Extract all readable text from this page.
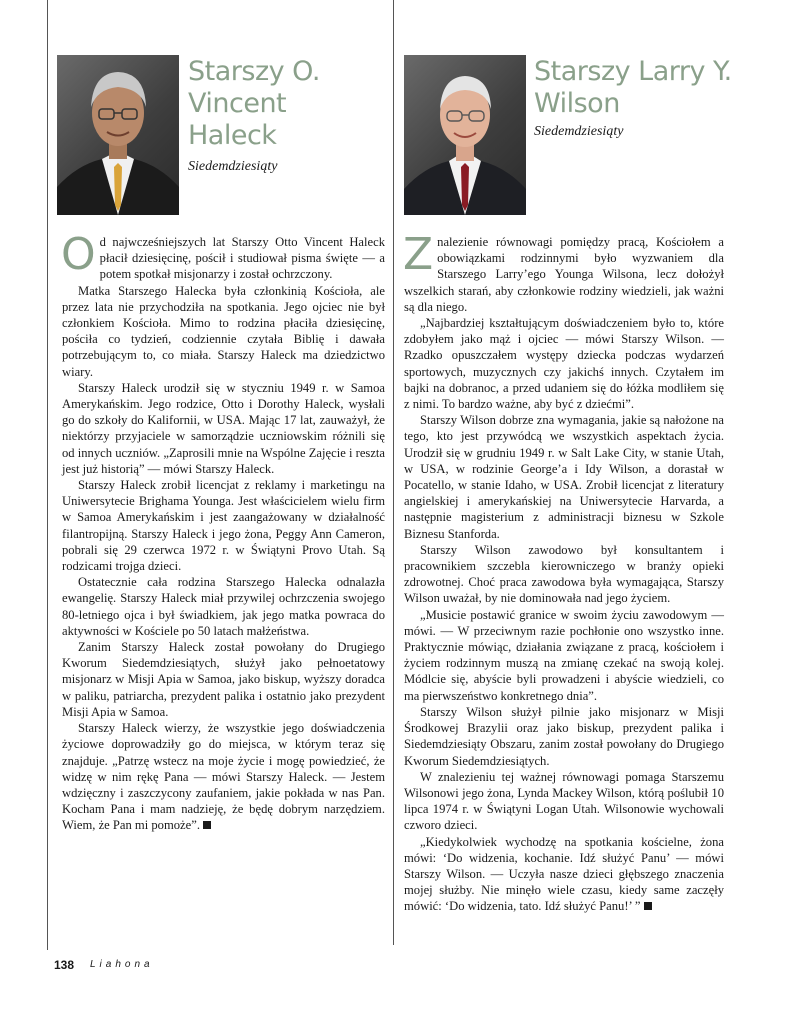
Starszy O. Vincent Haleck

Siedemdziesiąty

Starszy Larry Y. Wilson

Siedemdziesiąty

Od najwcześniejszych lat Starszy Otto Vincent Haleck płacił dziesięcinę, pościł i studiował pisma święte — a potem spotkał misjonarzy i został ochrzczony.

Matka Starszego Halecka była członkinią Kościoła, ale przez lata nie przychodziła na spotkania. Jego ojciec nie był członkiem Kościoła. Mimo to rodzina płaciła dziesięcinę, pościła co tydzień, codziennie czytała Biblię i dawała potrzebującym to, co miała. Starszy Haleck ma dziedzictwo wiary.

Starszy Haleck urodził się w styczniu 1949 r. w Samoa Amerykańskim. Jego rodzice, Otto i Dorothy Haleck, wysłali go do szkoły do Kalifornii, w USA. Mając 17 lat, zauważył, że niektórzy przyjaciele w samorządzie uczniowskim różnili się od innych uczniów. „Zaprosili mnie na Wspólne Zajęcie i reszta jest już historią” — mówi Starszy Haleck.

Starszy Haleck zrobił licencjat z reklamy i marketingu na Uniwersytecie Brighama Younga. Jest właścicielem wielu firm w Samoa Amerykańskim i jest zaangażowany w działalność filantropijną. Starszy Haleck i jego żona, Peggy Ann Cameron, pobrali się 29 czerwca 1972 r. w Świątyni Provo Utah. Są rodzicami trojga dzieci.

Ostatecznie cała rodzina Starszego Halecka odnalazła ewangelię. Starszy Haleck miał przywilej ochrzczenia swojego 80-letniego ojca i był świadkiem, jak jego matka powraca do aktywności w Kościele po 50 latach małżeństwa.

Zanim Starszy Haleck został powołany do Drugiego Kworum Siedemdziesiątych, służył jako pełnoetatowy misjonarz w Misji Apia w Samoa, jako biskup, wyższy doradca w paliku, patriarcha, prezydent palika i ostatnio jako prezydent Misji Apia w Samoa.

Starszy Haleck wierzy, że wszystkie jego doświadczenia życiowe doprowadziły go do miejsca, w którym teraz się znajduje. „Patrzę wstecz na moje życie i mogę powiedzieć, że widzę w nim rękę Pana — mówi Starszy Haleck. — Jestem wdzięczny i zaszczycony zaufaniem, jakie pokłada w nas Pan. Kocham Pana i mam nadzieję, że będę dobrym narzędziem. Wiem, że Pan mi pomoże”.

Znalezienie równowagi pomiędzy pracą, Kościołem a obowiązkami rodzinnymi było wyzwaniem dla Starszego Larry’ego Younga Wilsona, lecz dołożył wszelkich starań, aby członkowie rodziny wiedzieli, jak ważni są dla niego.

„Najbardziej kształtującym doświadczeniem było to, które zdobyłem jako mąż i ojciec — mówi Starszy Wilson. — Rzadko opuszczałem występy dziecka podczas wydarzeń sportowych, muzycznych czy jakichś innych. Czytałem im bajki na dobranoc, a przed udaniem się do łóżka modliłem się z nimi. To bardzo ważne, aby być z dziećmi”.

Starszy Wilson dobrze zna wymagania, jakie są nałożone na tego, kto jest przywódcą we wszystkich aspektach życia. Urodził się w grudniu 1949 r. w Salt Lake City, w stanie Utah, w USA, w rodzinie George’a i Idy Wilson, a dorastał w Pocatello, w stanie Idaho, w USA. Zrobił licencjat z literatury angielskiej i amerykańskiej na Uniwersytecie Harvarda, a następnie magisterium z administracji biznesu w Szkole Biznesu Stanforda.

Starszy Wilson zawodowo był konsultantem i pracownikiem szczebla kierowniczego w branży opieki zdrowotnej. Choć praca zawodowa była wymagająca, Starszy Wilson uważał, by nie dominowała nad jego życiem.

„Musicie postawić granice w swoim życiu zawodowym — mówi. — W przeciwnym razie pochłonie ono wszystko inne. Praktycznie mówiąc, działania związane z pracą, kościołem i życiem rodzinnym muszą na zmianę czekać na swoją kolej. Módlcie się, abyście byli prowadzeni i abyście wiedzieli, co ma pierwszeństwo konkretnego dnia”.

Starszy Wilson służył pilnie jako misjonarz w Misji Środkowej Brazylii oraz jako biskup, prezydent palika i Siedemdziesiąty Obszaru, zanim został powołany do Drugiego Kworum Siedemdziesiątych.

W znalezieniu tej ważnej równowagi pomaga Starszemu Wilsonowi jego żona, Lynda Mackey Wilson, którą poślubił 10 lipca 1974 r. w Świątyni Logan Utah. Wilsonowie wychowali czworo dzieci.

„Kiedykolwiek wychodzę na spotkania kościelne, żona mówi: ‘Do widzenia, kochanie. Idź służyć Panu’ — mówi Starszy Wilson. — Uczyła nasze dzieci głębszego znaczenia mojej służby. Nie minęło wiele czasu, kiedy same zaczęły mówić: ‘Do widzenia, tato. Idź służyć Panu!’ ”

138 Liahona
